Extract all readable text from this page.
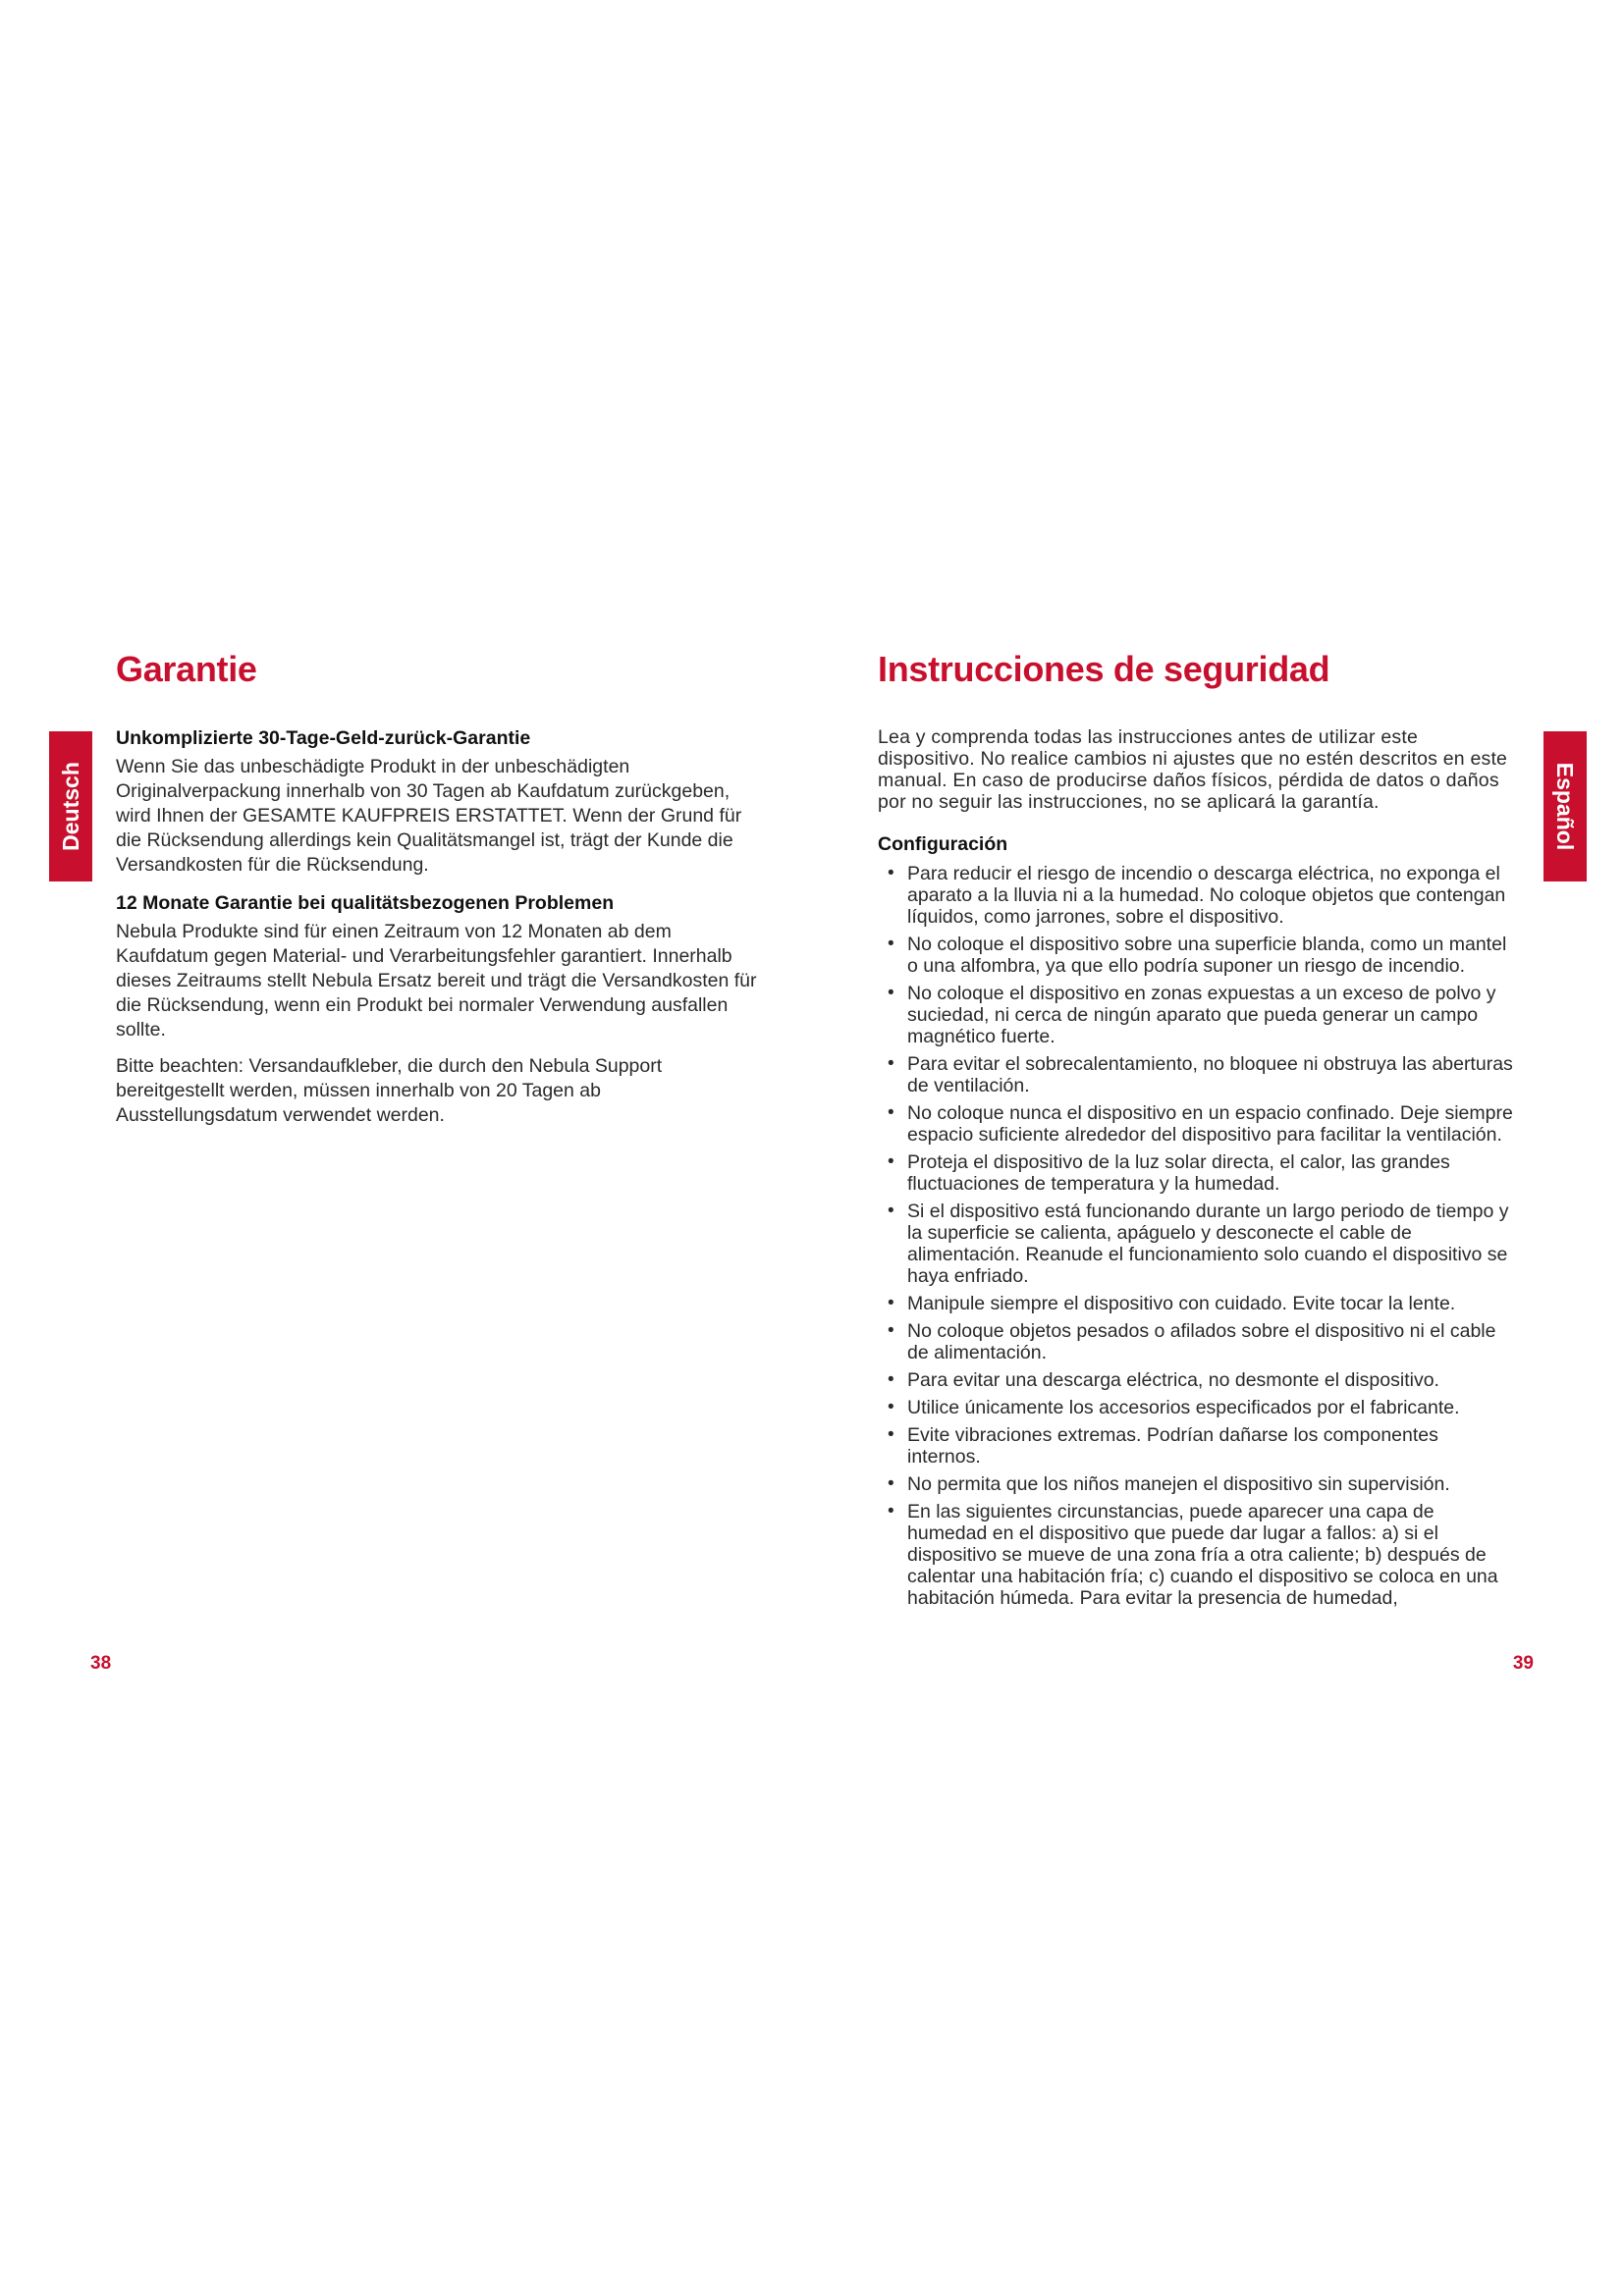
Garantie
Deutsch
Unkomplizierte 30-Tage-Geld-zurück-Garantie

Wenn Sie das unbeschädigte Produkt in der unbeschädigten Originalverpackung innerhalb von 30 Tagen ab Kaufdatum zurückgeben, wird Ihnen der GESAMTE KAUFPREIS ERSTATTET. Wenn der Grund für die Rücksendung allerdings kein Qualitätsmangel ist, trägt der Kunde die Versandkosten für die Rücksendung.

12 Monate Garantie bei qualitätsbezogenen Problemen

Nebula Produkte sind für einen Zeitraum von 12 Monaten ab dem Kaufdatum gegen Material- und Verarbeitungsfehler garantiert. Innerhalb dieses Zeitraums stellt Nebula Ersatz bereit und trägt die Versandkosten für die Rücksendung, wenn ein Produkt bei normaler Verwendung ausfallen sollte.

Bitte beachten: Versandaufkleber, die durch den Nebula Support bereitgestellt werden, müssen innerhalb von 20 Tagen ab Ausstellungsdatum verwendet werden.

38
Instrucciones de seguridad
Español

Lea y comprenda todas las instrucciones antes de utilizar este dispositivo. No realice cambios ni ajustes que no estén descritos en este manual. En caso de producirse daños físicos, pérdida de datos o daños por no seguir las instrucciones, no se aplicará la garantía.

Configuración
• Para reducir el riesgo de incendio o descarga eléctrica, no exponga el aparato a la lluvia ni a la humedad. No coloque objetos que contengan líquidos, como jarrones, sobre el dispositivo.
• No coloque el dispositivo sobre una superficie blanda, como un mantel o una alfombra, ya que ello podría suponer un riesgo de incendio.
• No coloque el dispositivo en zonas expuestas a un exceso de polvo y suciedad, ni cerca de ningún aparato que pueda generar un campo magnético fuerte.
• Para evitar el sobrecalentamiento, no bloquee ni obstruya las aberturas de ventilación.
• No coloque nunca el dispositivo en un espacio confinado. Deje siempre espacio suficiente alrededor del dispositivo para facilitar la ventilación.
• Proteja el dispositivo de la luz solar directa, el calor, las grandes fluctuaciones de temperatura y la humedad.
• Si el dispositivo está funcionando durante un largo periodo de tiempo y la superficie se calienta, apáguelo y desconecte el cable de alimentación. Reanude el funcionamiento solo cuando el dispositivo se haya enfriado.
• Manipule siempre el dispositivo con cuidado. Evite tocar la lente.
• No coloque objetos pesados o afilados sobre el dispositivo ni el cable de alimentación.
• Para evitar una descarga eléctrica, no desmonte el dispositivo.
• Utilice únicamente los accesorios especificados por el fabricante.
• Evite vibraciones extremas. Podrían dañarse los componentes internos.
• No permita que los niños manejen el dispositivo sin supervisión.
• En las siguientes circunstancias, puede aparecer una capa de humedad en el dispositivo que puede dar lugar a fallos: a) si el dispositivo se mueve de una zona fría a otra caliente; b) después de calentar una habitación fría; c) cuando el dispositivo se coloca en una habitación húmeda. Para evitar la presencia de humedad,
39
